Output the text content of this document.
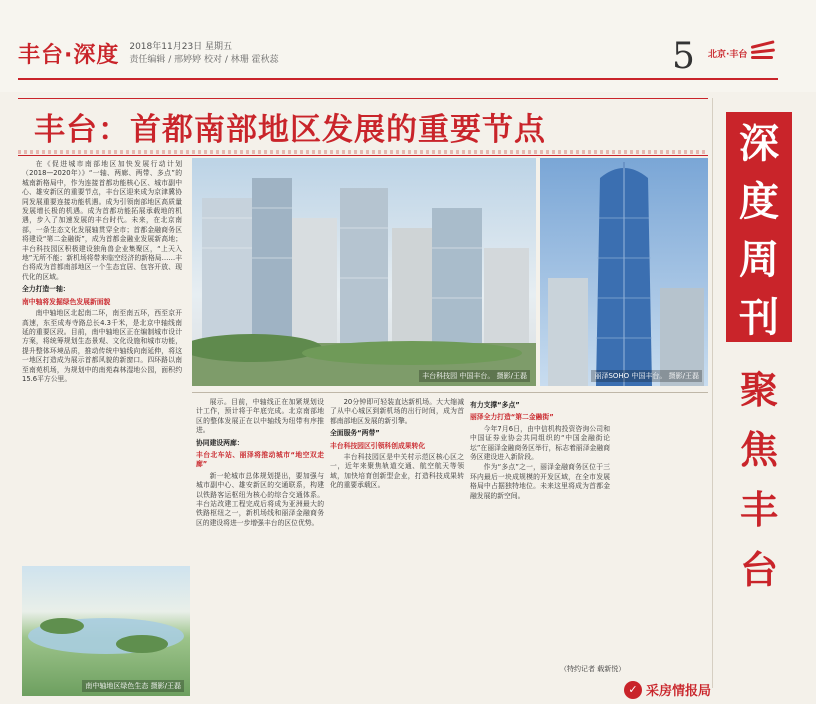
丰台·深度 2018年11月23日 星期五
责任编辑 / 邢婷婷 校对 / 林珊 霍秋蕊	5 北京·丰台
丰台：首都南部地区发展的重要节点	深
度
周
刊
聚
焦
丰
台

在《促进城市南部地区加快发展行动计划（2018—2020年）》“一轴、两廊、两带、多点”的城南新格局中，作为连接首都功能核心区、城市副中心、雄安新区的重要节点，丰台区迎来成为京津冀协同发展重要连接功能机遇。成为引领南部地区高质量发展增长极的机遇。成为首都功能拓展承载地的机遇，步入了加速发展的丰台时代。未来，在北京南部，一条生态文化发展轴贯穿全市；首都金融商务区将建设“第二金融街”，成为首都金融业发展新高地；丰台科技园区积极建设独角兽企业集聚区，“上天入地”无所不能；新机场将带来临空经济的新格局……丰台将成为首都南部地区一个生态宜居、包容开放、现代化的区域。

全力打造一轴：
南中轴将发掘绿色发展新面貌

南中轴地区北起南二环，南至南五环，西至京开高速，东至成寿寺路总长4.3千米，是北京中轴线南延的重要区段。目前，南中轴地区正在编制城市设计方案，将统筹规划生态景观、文化设施和城市功能，提升整体环境品质，推动传统中轴线向南延伸，将这一地区打造成为展示首都风貌的新窗口。四环路以南至南苑机场，为规划中的南苑森林湿地公园，面积约15.6平方公里。	丰台科技园 中国丰台。 摄影/王磊	丽泽SOHO 中国丰台。 摄影/王磊
南中轴地区绿色生态 摄影/王磊

展示。目前，中轴线正在加紧规划设计工作，预计将于年底完成。北京南部地区的整体发展正在以中轴线为纽带有序推进。

协同建设两廊：
丰台北车站、丽泽将推动城市“地空双走廊”

新一轮城市总体规划提出，要加强与城市副中心、雄安新区的交通联系，构建以铁路客运枢纽为核心的综合交通体系。丰台站改建工程完成后将成为亚洲最大的铁路枢纽之一，新机场线和丽泽金融商务区的建设将进一步增强丰台的区位优势。

20分钟即可轻装直达新机场。大大缩减了从中心城区到新机场的出行时间，成为首都南部地区发展的新引擎。

全面服务“两带”
丰台科技园区引领科创成果转化

丰台科技园区是中关村示范区核心区之一，近年来聚焦轨道交通、航空航天等领域，加快培育创新型企业，打造科技成果转化的重要承载区。

有力支撑“多点”
丽泽全力打造“第二金融街”

今年7月6日，由中信机构投资咨询公司和中国证券业协会共同组织的“中国金融街论坛”在丽泽金融商务区举行，标志着丽泽金融商务区建设进入新阶段。

作为“多点”之一，丽泽金融商务区位于三环内最后一块成规模的开发区域，在全市发展格局中占据独特地位。未来这里将成为首都金融发展的新空间。

（特约记者 载新悦）
✓ 采房情报局
